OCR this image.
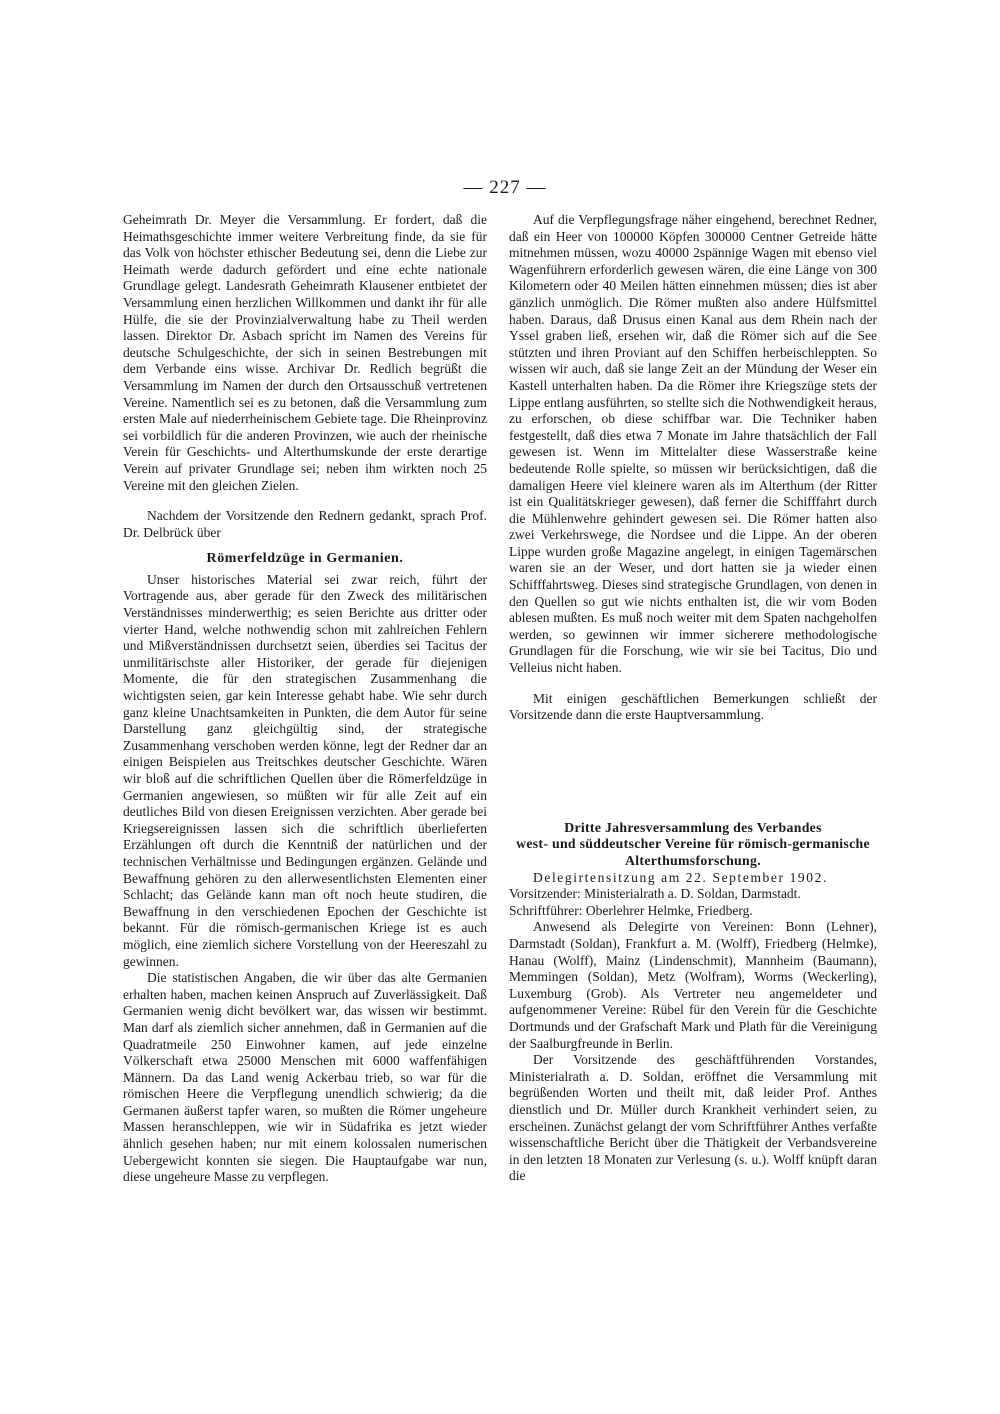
— 227 —

Geheimrath Dr. Meyer die Versammlung. Er fordert, daß die Heimathsgeschichte immer weitere Verbreitung finde, da sie für das Volk von höchster ethischer Bedeutung sei, denn die Liebe zur Heimath werde dadurch gefördert und eine echte nationale Grundlage gelegt. Landesrath Geheimrath Klausener entbietet der Versammlung einen herzlichen Willkommen und dankt ihr für alle Hülfe, die sie der Provinzialverwaltung habe zu Theil werden lassen. Direktor Dr. Asbach spricht im Namen des Vereins für deutsche Schulgeschichte, der sich in seinen Bestrebungen mit dem Verbande eins wisse. Archivar Dr. Redlich begrüßt die Versammlung im Namen der durch den Ortsausschuß vertretenen Vereine. Namentlich sei es zu betonen, daß die Versammlung zum ersten Male auf niederrheinischem Gebiete tage. Die Rheinprovinz sei vorbildlich für die anderen Provinzen, wie auch der rheinische Verein für Geschichts- und Alterthumskunde der erste derartige Verein auf privater Grundlage sei; neben ihm wirkten noch 25 Vereine mit den gleichen Zielen.

Nachdem der Vorsitzende den Rednern gedankt, sprach Prof. Dr. Delbrück über

Römerfeldzüge in Germanien.

Unser historisches Material sei zwar reich, führt der Vortragende aus, aber gerade für den Zweck des militärischen Verständnisses minderwerthig; es seien Berichte aus dritter oder vierter Hand, welche nothwendig schon mit zahlreichen Fehlern und Mißverständnissen durchsetzt seien, überdies sei Tacitus der unmilitärischste aller Historiker, der gerade für diejenigen Momente, die für den strategischen Zusammenhang die wichtigsten seien, gar kein Interesse gehabt habe. Wie sehr durch ganz kleine Unachtsamkeiten in Punkten, die dem Autor für seine Darstellung ganz gleichgültig sind, der strategische Zusammenhang verschoben werden könne, legt der Redner dar an einigen Beispielen aus Treitschkes deutscher Geschichte. Wären wir bloß auf die schriftlichen Quellen über die Römerfeldzüge in Germanien angewiesen, so müßten wir für alle Zeit auf ein deutliches Bild von diesen Ereignissen verzichten. Aber gerade bei Kriegsereignissen lassen sich die schriftlich überlieferten Erzählungen oft durch die Kenntniß der natürlichen und der technischen Verhältnisse und Bedingungen ergänzen. Gelände und Bewaffnung gehören zu den allerwesentlichsten Elementen einer Schlacht; das Gelände kann man oft noch heute studiren, die Bewaffnung in den verschiedenen Epochen der Geschichte ist bekannt. Für die römisch-germanischen Kriege ist es auch möglich, eine ziemlich sichere Vorstellung von der Heereszahl zu gewinnen.

Die statistischen Angaben, die wir über das alte Germanien erhalten haben, machen keinen Anspruch auf Zuverlässigkeit. Daß Germanien wenig dicht bevölkert war, das wissen wir bestimmt. Man darf als ziemlich sicher annehmen, daß in Germanien auf die Quadratmeile 250 Einwohner kamen, auf jede einzelne Völkerschaft etwa 25000 Menschen mit 6000 waffenfähigen Männern. Da das Land wenig Ackerbau trieb, so war für die römischen Heere die Verpflegung unendlich schwierig; da die Germanen äußerst tapfer waren, so mußten die Römer ungeheure Massen heranschleppen, wie wir in Südafrika es jetzt wieder ähnlich gesehen haben; nur mit einem kolossalen numerischen Uebergewicht konnten sie siegen. Die Hauptaufgabe war nun, diese ungeheure Masse zu verpflegen.

Auf die Verpflegungsfrage näher eingehend, berechnet Redner, daß ein Heer von 100000 Köpfen 300000 Centner Getreide hätte mitnehmen müssen, wozu 40000 2spännige Wagen mit ebenso viel Wagenführern erforderlich gewesen wären, die eine Länge von 300 Kilometern oder 40 Meilen hätten einnehmen müssen; dies ist aber gänzlich unmöglich. Die Römer mußten also andere Hülfsmittel haben. Daraus, daß Drusus einen Kanal aus dem Rhein nach der Yssel graben ließ, ersehen wir, daß die Römer sich auf die See stützten und ihren Proviant auf den Schiffen herbeischleppten. So wissen wir auch, daß sie lange Zeit an der Mündung der Weser ein Kastell unterhalten haben. Da die Römer ihre Kriegszüge stets der Lippe entlang ausführten, so stellte sich die Nothwendigkeit heraus, zu erforschen, ob diese schiffbar war. Die Techniker haben festgestellt, daß dies etwa 7 Monate im Jahre thatsächlich der Fall gewesen ist. Wenn im Mittelalter diese Wasserstraße keine bedeutende Rolle spielte, so müssen wir berücksichtigen, daß die damaligen Heere viel kleinere waren als im Alterthum (der Ritter ist ein Qualitätskrieger gewesen), daß ferner die Schifffahrt durch die Mühlenwehre gehindert gewesen sei. Die Römer hatten also zwei Verkehrswege, die Nordsee und die Lippe. An der oberen Lippe wurden große Magazine angelegt, in einigen Tagemärschen waren sie an der Weser, und dort hatten sie ja wieder einen Schifffahrtsweg. Dieses sind strategische Grundlagen, von denen in den Quellen so gut wie nichts enthalten ist, die wir vom Boden ablesen mußten. Es muß noch weiter mit dem Spaten nachgeholfen werden, so gewinnen wir immer sicherere methodologische Grundlagen für die Forschung, wie wir sie bei Tacitus, Dio und Velleius nicht haben.

Mit einigen geschäftlichen Bemerkungen schließt der Vorsitzende dann die erste Hauptversammlung.

Dritte Jahresversammlung des Verbandes
west- und süddeutscher Vereine für römisch-germanische
Alterthumsforschung.

Delegirtensitzung am 22. September 1902.

Vorsitzender: Ministerialrath a. D. Soldan, Darmstadt.

Schriftführer: Oberlehrer Helmke, Friedberg.

Anwesend als Delegirte von Vereinen: Bonn (Lehner), Darmstadt (Soldan), Frankfurt a. M. (Wolff), Friedberg (Helmke), Hanau (Wolff), Mainz (Lindenschmit), Mannheim (Baumann), Memmingen (Soldan), Metz (Wolfram), Worms (Weckerling), Luxemburg (Grob). Als Vertreter neu angemeldeter und aufgenommener Vereine: Rübel für den Verein für die Geschichte Dortmunds und der Grafschaft Mark und Plath für die Vereinigung der Saalburgfreunde in Berlin.

Der Vorsitzende des geschäftführenden Vorstandes, Ministerialrath a. D. Soldan, eröffnet die Versammlung mit begrüßenden Worten und theilt mit, daß leider Prof. Anthes dienstlich und Dr. Müller durch Krankheit verhindert seien, zu erscheinen. Zunächst gelangt der vom Schriftführer Anthes verfaßte wissenschaftliche Bericht über die Thätigkeit der Verbandsvereine in den letzten 18 Monaten zur Verlesung (s. u.). Wolff knüpft daran die
